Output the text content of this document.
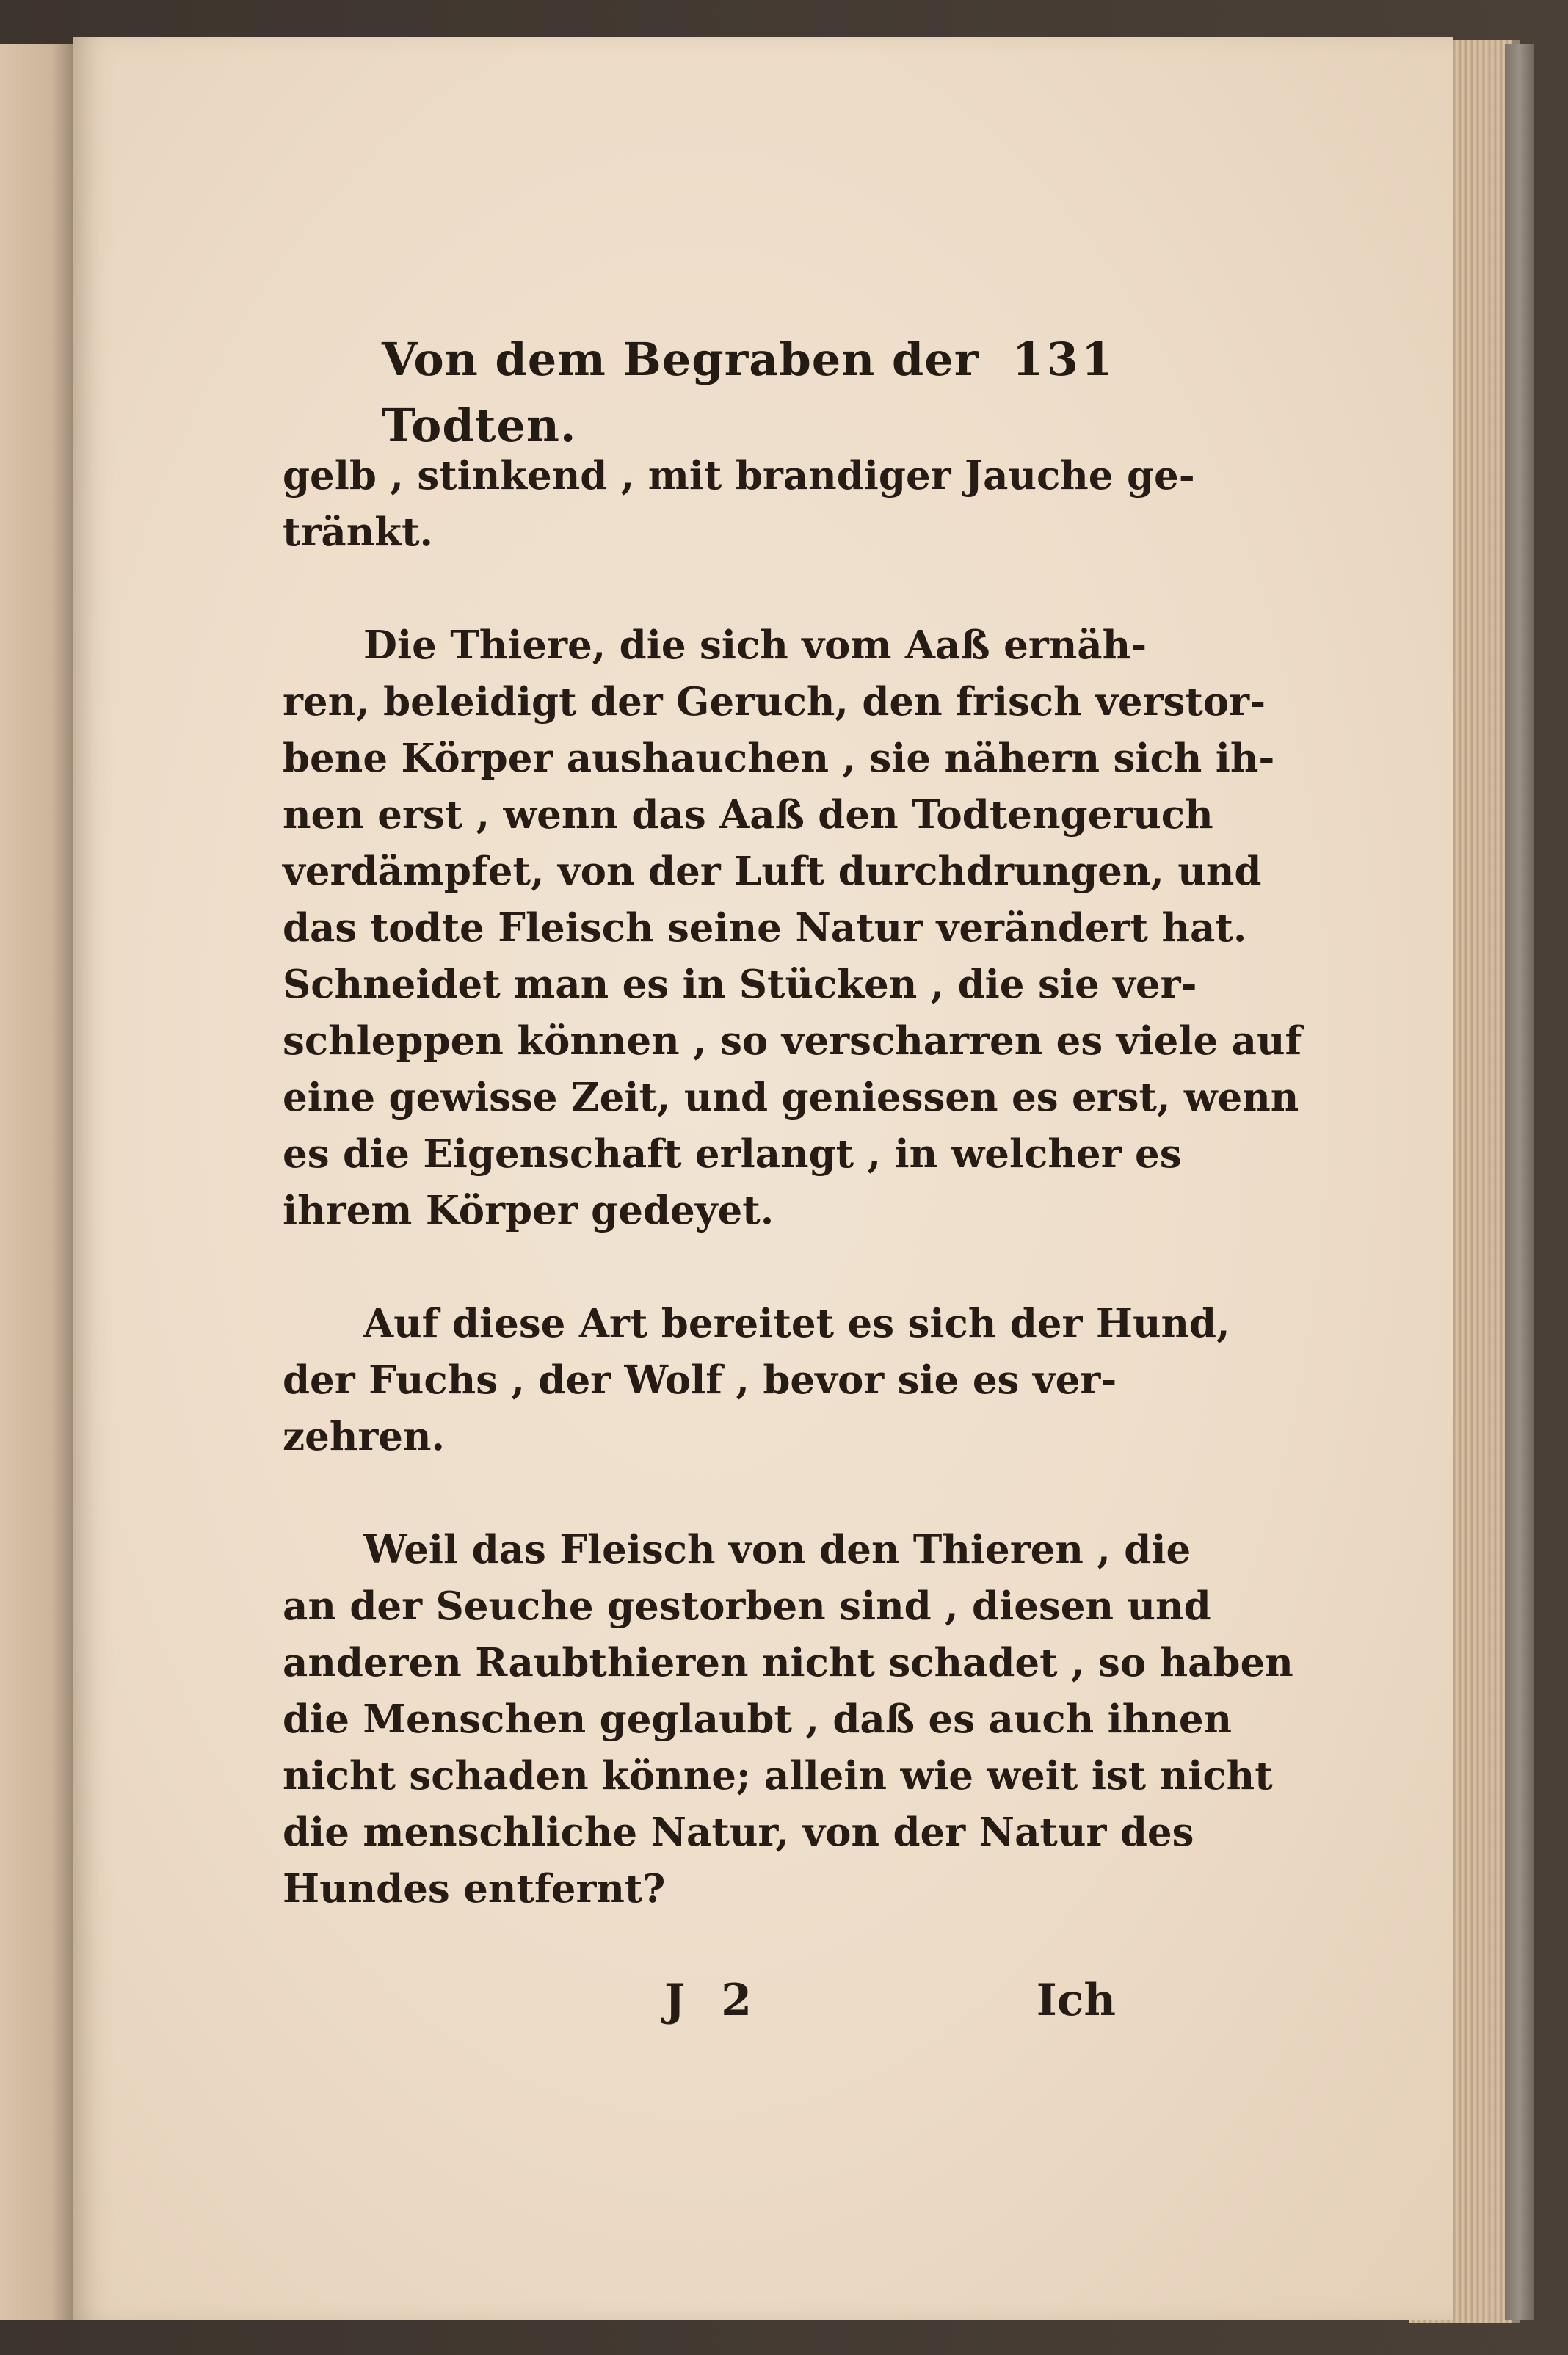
Von dem Begraben der Todten.
131

gelb , stinkend , mit brandiger Jauche ge-
tränkt.

Die Thiere, die sich vom Aaß ernäh-
ren, beleidigt der Geruch, den frisch verstor-
bene Körper aushauchen , sie nähern sich ih-
nen erst , wenn das Aaß den Todtengeruch
verdämpfet, von der Luft durchdrungen, und
das todte Fleisch seine Natur verändert hat.
Schneidet man es in Stücken , die sie ver-
schleppen können , so verscharren es viele auf
eine gewisse Zeit, und geniessen es erst, wenn
es die Eigenschaft erlangt , in welcher es
ihrem Körper gedeyet.

Auf diese Art bereitet es sich der Hund,
der Fuchs , der Wolf , bevor sie es ver-
zehren.

Weil das Fleisch von den Thieren , die
an der Seuche gestorben sind , diesen und
anderen Raubthieren nicht schadet , so haben
die Menschen geglaubt , daß es auch ihnen
nicht schaden könne; allein wie weit ist nicht
die menschliche Natur, von der Natur des
Hundes entfernt?

J 2	Ich
